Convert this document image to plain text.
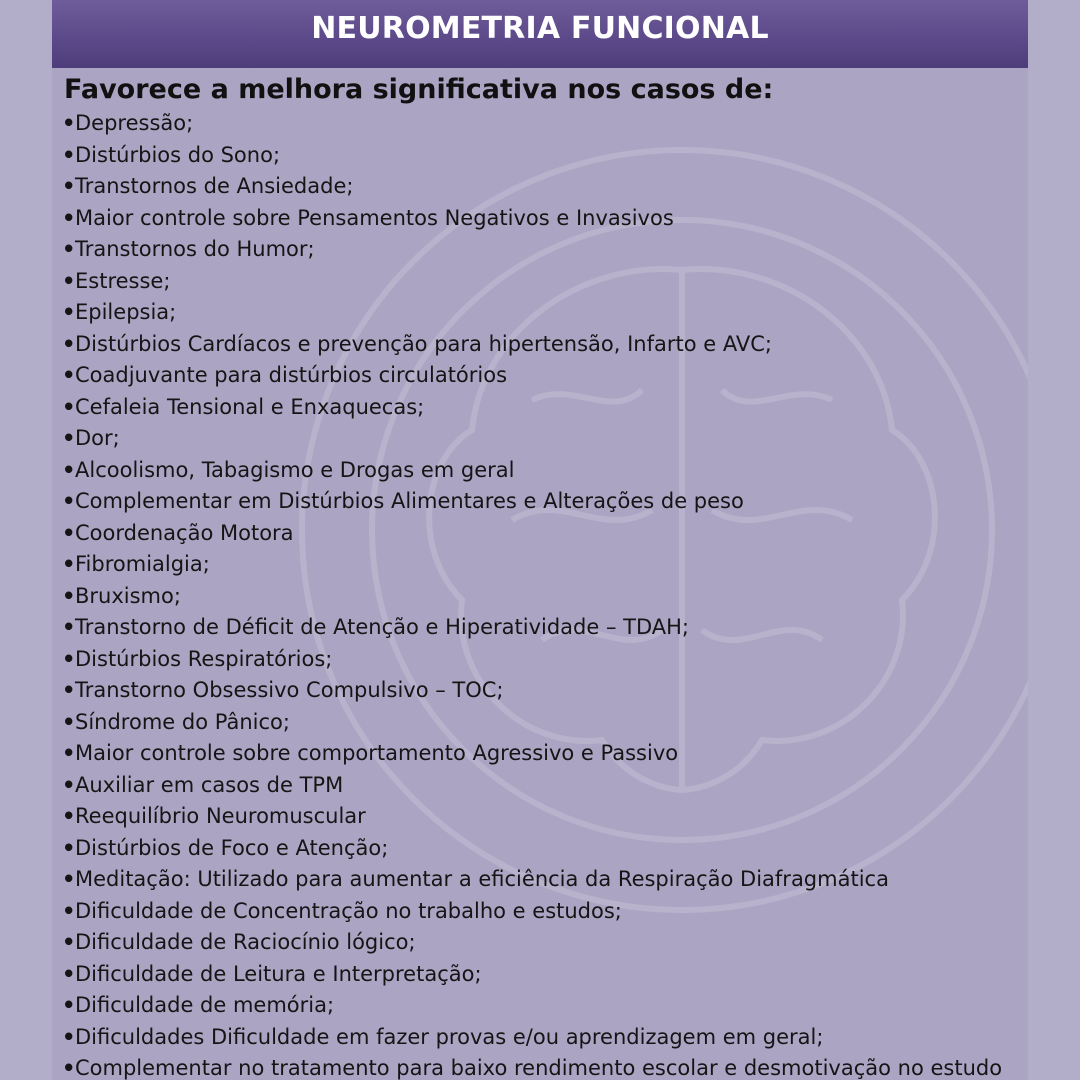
NEUROMETRIA FUNCIONAL
Favorece a melhora significativa nos casos de:
•Depressão;
•Distúrbios do Sono;
•Transtornos de Ansiedade;
•Maior controle sobre Pensamentos Negativos e Invasivos
•Transtornos do Humor;
•Estresse;
•Epilepsia;
•Distúrbios Cardíacos e prevenção para hipertensão, Infarto e AVC;
•Coadjuvante para distúrbios circulatórios
•Cefaleia Tensional e Enxaquecas;
•Dor;
•Alcoolismo, Tabagismo e Drogas em geral
•Complementar em Distúrbios Alimentares e Alterações de peso
•Coordenação Motora
•Fibromialgia;
•Bruxismo;
•Transtorno de Déficit de Atenção e Hiperatividade – TDAH;
•Distúrbios Respiratórios;
•Transtorno Obsessivo Compulsivo – TOC;
•Síndrome do Pânico;
•Maior controle sobre comportamento Agressivo e Passivo
•Auxiliar em casos de TPM
•Reequilíbrio Neuromuscular
•Distúrbios de Foco e Atenção;
•Meditação: Utilizado para aumentar a eficiência da Respiração Diafragmática
•Dificuldade de Concentração no trabalho e estudos;
•Dificuldade de Raciocínio lógico;
•Dificuldade de Leitura e Interpretação;
•Dificuldade de memória;
•Dificuldades Dificuldade em fazer provas e/ou aprendizagem em geral;
•Complementar no tratamento para baixo rendimento escolar e desmotivação no estudo
